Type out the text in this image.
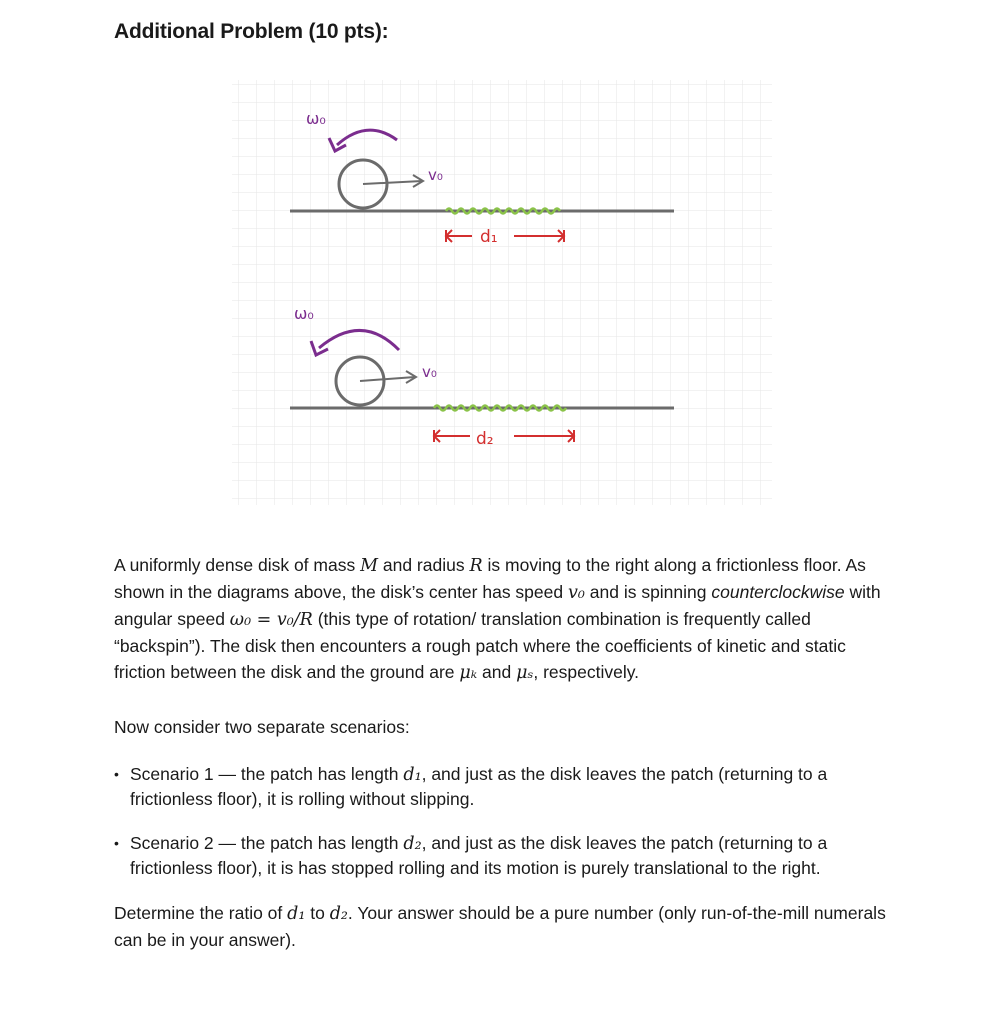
Additional Problem (10 pts):
v₀
ω₀
d₁
v₀
ω₀
d₂

A uniformly dense disk of mass M and radius R is moving to the right along a frictionless floor. As shown in the diagrams above, the disk’s center has speed v₀ and is spinning counterclockwise with angular speed ω₀ = v₀/R (this type of rotation/ translation combination is frequently called “backspin”). The disk then encounters a rough patch where the coefficients of kinetic and static friction between the disk and the ground are μₖ and μₛ, respectively.

Now consider two separate scenarios:

• Scenario 1 — the patch has length d₁, and just as the disk leaves the patch (returning to a frictionless floor), it is rolling without slipping.
• Scenario 2 — the patch has length d₂, and just as the disk leaves the patch (returning to a frictionless floor), it is has stopped rolling and its motion is purely translational to the right.

Determine the ratio of d₁ to d₂. Your answer should be a pure number (only run-of-the-mill numerals can be in your answer).
